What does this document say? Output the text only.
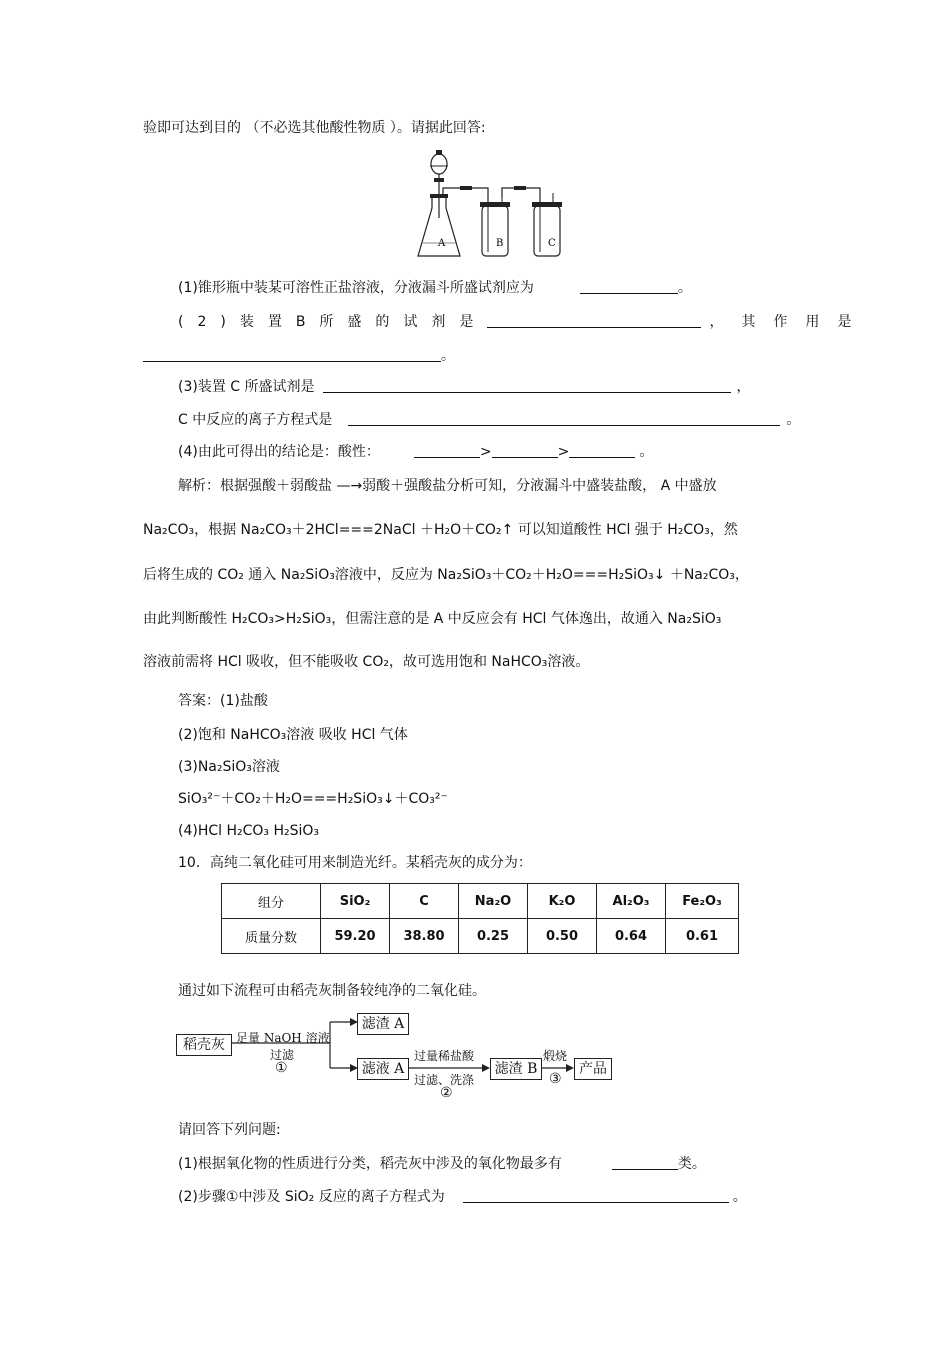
验即可达到目的 （不必选其他酸性物质 ）。请据此回答:
A	B	C
(1)锥形瓶中装某可溶性正盐溶液，分液漏斗所盛试剂应为	。
(2)装置B所盛的试剂是	，其作用是
。
(3)装置 C 所盛试剂是	，
C 中反应的离子方程式是	。
(4)由此可得出的结论是：酸性：	>	>	。
解析：根据强酸＋弱酸盐 —→弱酸＋强酸盐分析可知，分液漏斗中盛装盐酸， A 中盛放
Na₂CO₃，根据 Na₂CO₃＋2HCl===2NaCl ＋H₂O＋CO₂↑ 可以知道酸性 HCl 强于 H₂CO₃，然
后将生成的 CO₂ 通入 Na₂SiO₃溶液中，反应为 Na₂SiO₃＋CO₂＋H₂O===H₂SiO₃↓ ＋Na₂CO₃，
由此判断酸性 H₂CO₃>H₂SiO₃，但需注意的是 A 中反应会有 HCl 气体逸出，故通入 Na₂SiO₃
溶液前需将 HCl 吸收，但不能吸收 CO₂，故可选用饱和 NaHCO₃溶液。
答案：(1)盐酸
(2)饱和 NaHCO₃溶液 吸收 HCl 气体
(3)Na₂SiO₃溶液
SiO₃²⁻＋CO₂＋H₂O===H₂SiO₃↓＋CO₃²⁻
(4)HCl H₂CO₃ H₂SiO₃
10．高纯二氧化硅可用来制造光纤。某稻壳灰的成分为：
组分	SiO₂	C	Na₂O	K₂O	Al₂O₃	Fe₂O₃
质量分数	59.20	38.80	0.25	0.50	0.64	0.61
通过如下流程可由稻壳灰制备较纯净的二氧化硅。
稻壳灰 足量 NaOH 溶液
过滤
①
滤渣 A
滤液 A
过量稀盐酸
过滤、洗涤
②
滤渣 B
煅烧
③
产品
请回答下列问题:
(1)根据氧化物的性质进行分类，稻壳灰中涉及的氧化物最多有	类。
(2)步骤①中涉及 SiO₂ 反应的离子方程式为	。
